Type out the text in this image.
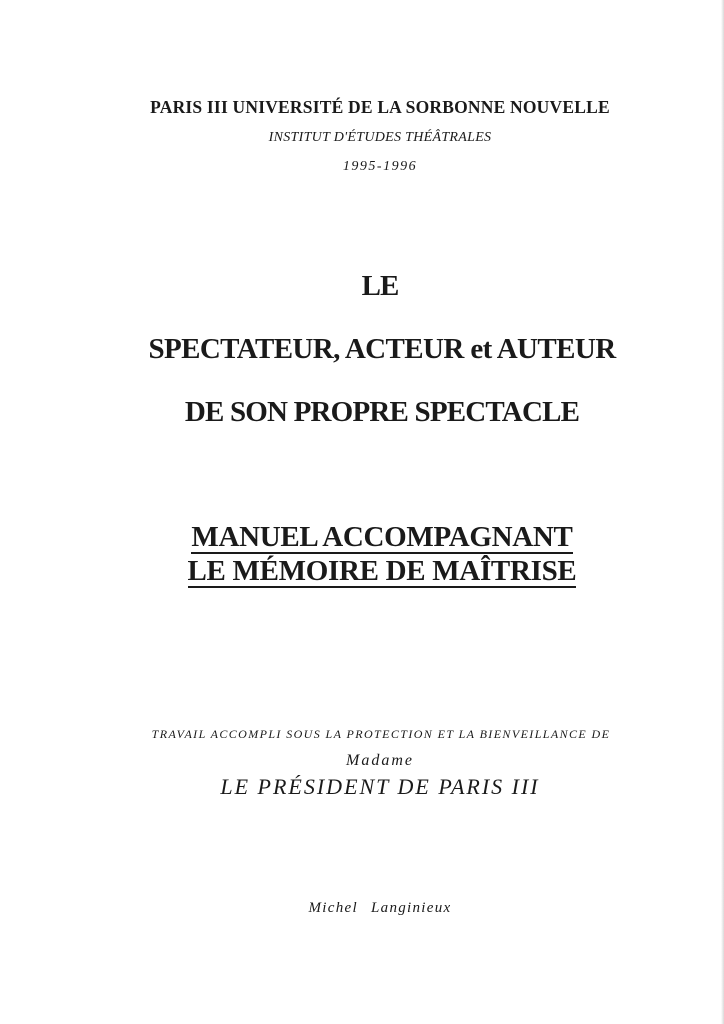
PARIS III UNIVERSITÉ DE LA SORBONNE NOUVELLE
INSTITUT D'ÉTUDES THÉÂTRALES
1995-1996
LE
SPECTATEUR, ACTEUR et AUTEUR
DE SON PROPRE SPECTACLE
MANUEL ACCOMPAGNANT
LE MÉMOIRE DE MAÎTRISE
TRAVAIL ACCOMPLI SOUS LA PROTECTION ET LA BIENVEILLANCE DE
Madame
LE PRÉSIDENT DE PARIS III
Michel Langinieux
